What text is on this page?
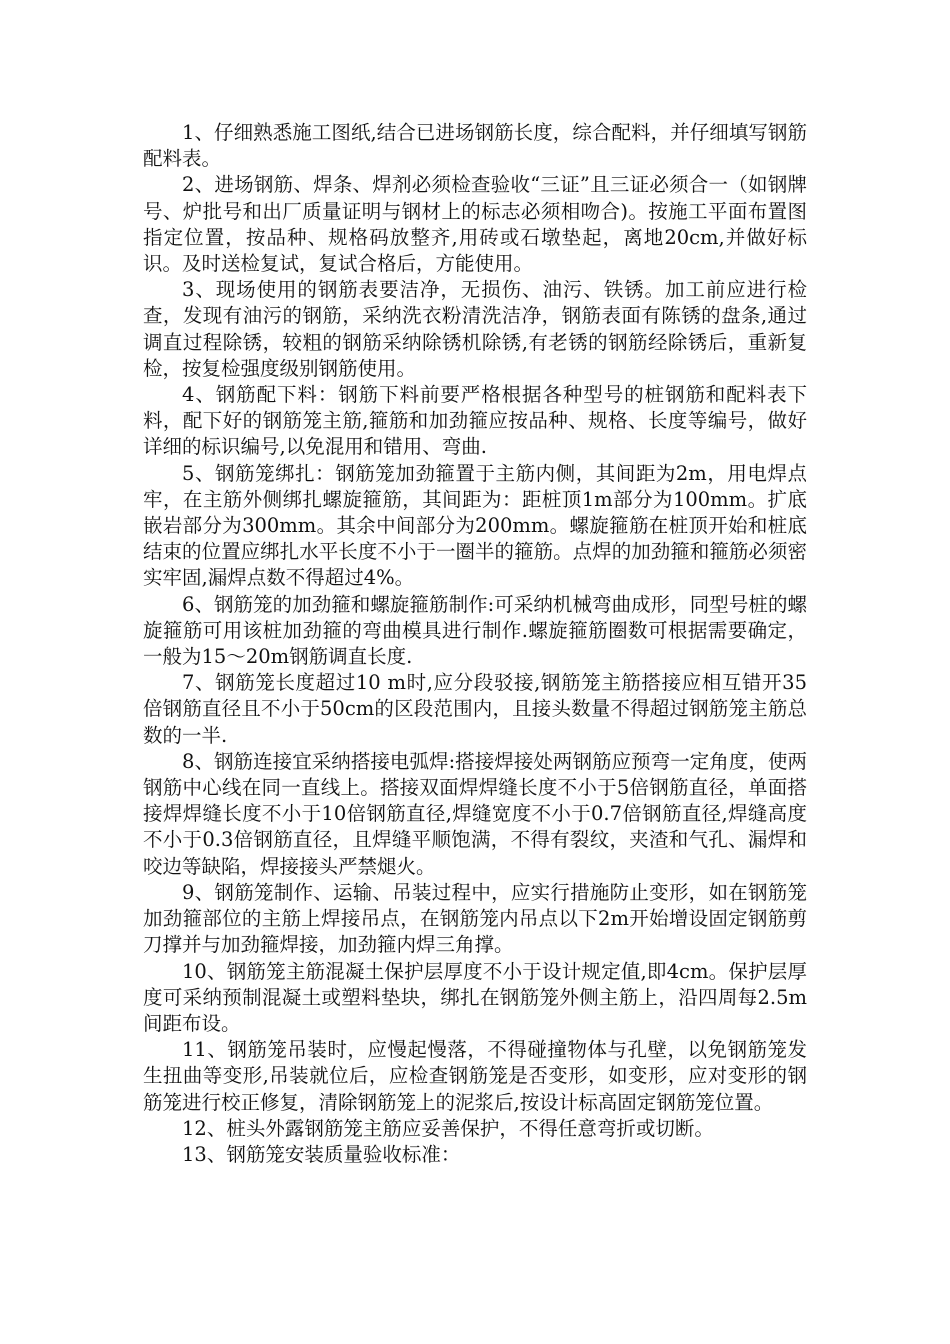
1、仔细熟悉施工图纸,结合已进场钢筋长度，综合配料，并仔细填写钢筋配料表。

2、进场钢筋、焊条、焊剂必须检查验收“三证”且三证必须合一（如钢牌号、炉批号和出厂质量证明与钢材上的标志必须相吻合)。按施工平面布置图指定位置，按品种、规格码放整齐,用砖或石墩垫起，离地20cm,并做好标识。及时送检复试，复试合格后，方能使用。

3、现场使用的钢筋表要洁净，无损伤、油污、铁锈。加工前应进行检查，发现有油污的钢筋，采纳洗衣粉清洗洁净，钢筋表面有陈锈的盘条,通过调直过程除锈，较粗的钢筋采纳除锈机除锈,有老锈的钢筋经除锈后，重新复检，按复检强度级别钢筋使用。

4、钢筋配下料：钢筋下料前要严格根据各种型号的桩钢筋和配料表下料，配下好的钢筋笼主筋,箍筋和加劲箍应按品种、规格、长度等编号，做好详细的标识编号,以免混用和错用、弯曲.

5、钢筋笼绑扎：钢筋笼加劲箍置于主筋内侧，其间距为2m，用电焊点牢，在主筋外侧绑扎螺旋箍筋，其间距为：距桩顶1m部分为100mm。扩底嵌岩部分为300mm。其余中间部分为200mm。螺旋箍筋在桩顶开始和桩底结束的位置应绑扎水平长度不小于一圈半的箍筋。点焊的加劲箍和箍筋必须密实牢固,漏焊点数不得超过4%。

6、钢筋笼的加劲箍和螺旋箍筋制作:可采纳机械弯曲成形，同型号桩的螺旋箍筋可用该桩加劲箍的弯曲模具进行制作.螺旋箍筋圈数可根据需要确定，一般为15～20m钢筋调直长度.

7、钢筋笼长度超过10 m时,应分段驳接,钢筋笼主筋搭接应相互错开35倍钢筋直径且不小于50cm的区段范围内，且接头数量不得超过钢筋笼主筋总数的一半.

8、钢筋连接宜采纳搭接电弧焊:搭接焊接处两钢筋应预弯一定角度，使两钢筋中心线在同一直线上。搭接双面焊焊缝长度不小于5倍钢筋直径，单面搭接焊焊缝长度不小于10倍钢筋直径,焊缝宽度不小于0.7倍钢筋直径,焊缝高度不小于0.3倍钢筋直径，且焊缝平顺饱满，不得有裂纹，夹渣和气孔、漏焊和咬边等缺陷，焊接接头严禁煺火。

9、钢筋笼制作、运输、吊装过程中，应实行措施防止变形，如在钢筋笼加劲箍部位的主筋上焊接吊点，在钢筋笼内吊点以下2m开始增设固定钢筋剪刀撑并与加劲箍焊接，加劲箍内焊三角撑。

10、钢筋笼主筋混凝土保护层厚度不小于设计规定值,即4cm。保护层厚度可采纳预制混凝土或塑料垫块，绑扎在钢筋笼外侧主筋上，沿四周每2.5m间距布设。

11、钢筋笼吊装时，应慢起慢落，不得碰撞物体与孔壁，以免钢筋笼发生扭曲等变形,吊装就位后，应检查钢筋笼是否变形，如变形，应对变形的钢筋笼进行校正修复，清除钢筋笼上的泥浆后,按设计标高固定钢筋笼位置。

12、桩头外露钢筋笼主筋应妥善保护，不得任意弯折或切断。

13、钢筋笼安装质量验收标准：
